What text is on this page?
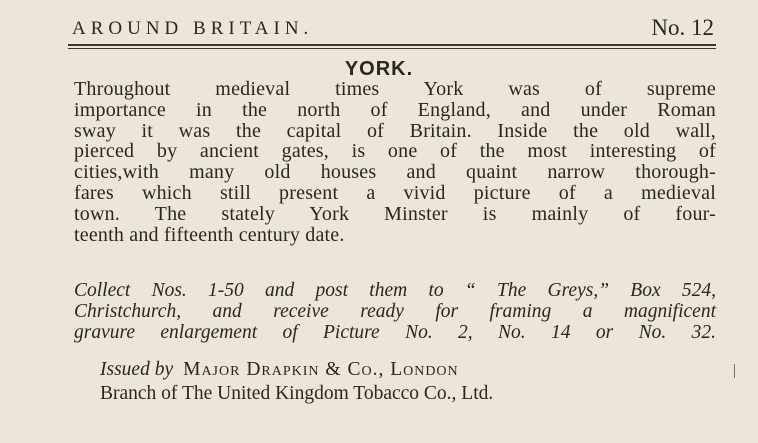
AROUND BRITAIN.	No. 12
YORK.
Throughout medieval times York was of supreme
importance in the north of England, and under Roman
sway it was the capital of Britain. Inside the old wall,
pierced by ancient gates, is one of the most interesting of
cities,with many old houses and quaint narrow thorough-
fares which still present a vivid picture of a medieval
town. The stately York Minster is mainly of four-
teenth and fifteenth century date.
Collect Nos. 1-50 and post them to “ The Greys,” Box 524,
Christchurch, and receive ready for framing a magnificent
gravure enlargement of Picture No. 2, No. 14 or No. 32.
Issued by Major Drapkin & Co., London
Branch of The United Kingdom Tobacco Co., Ltd.
